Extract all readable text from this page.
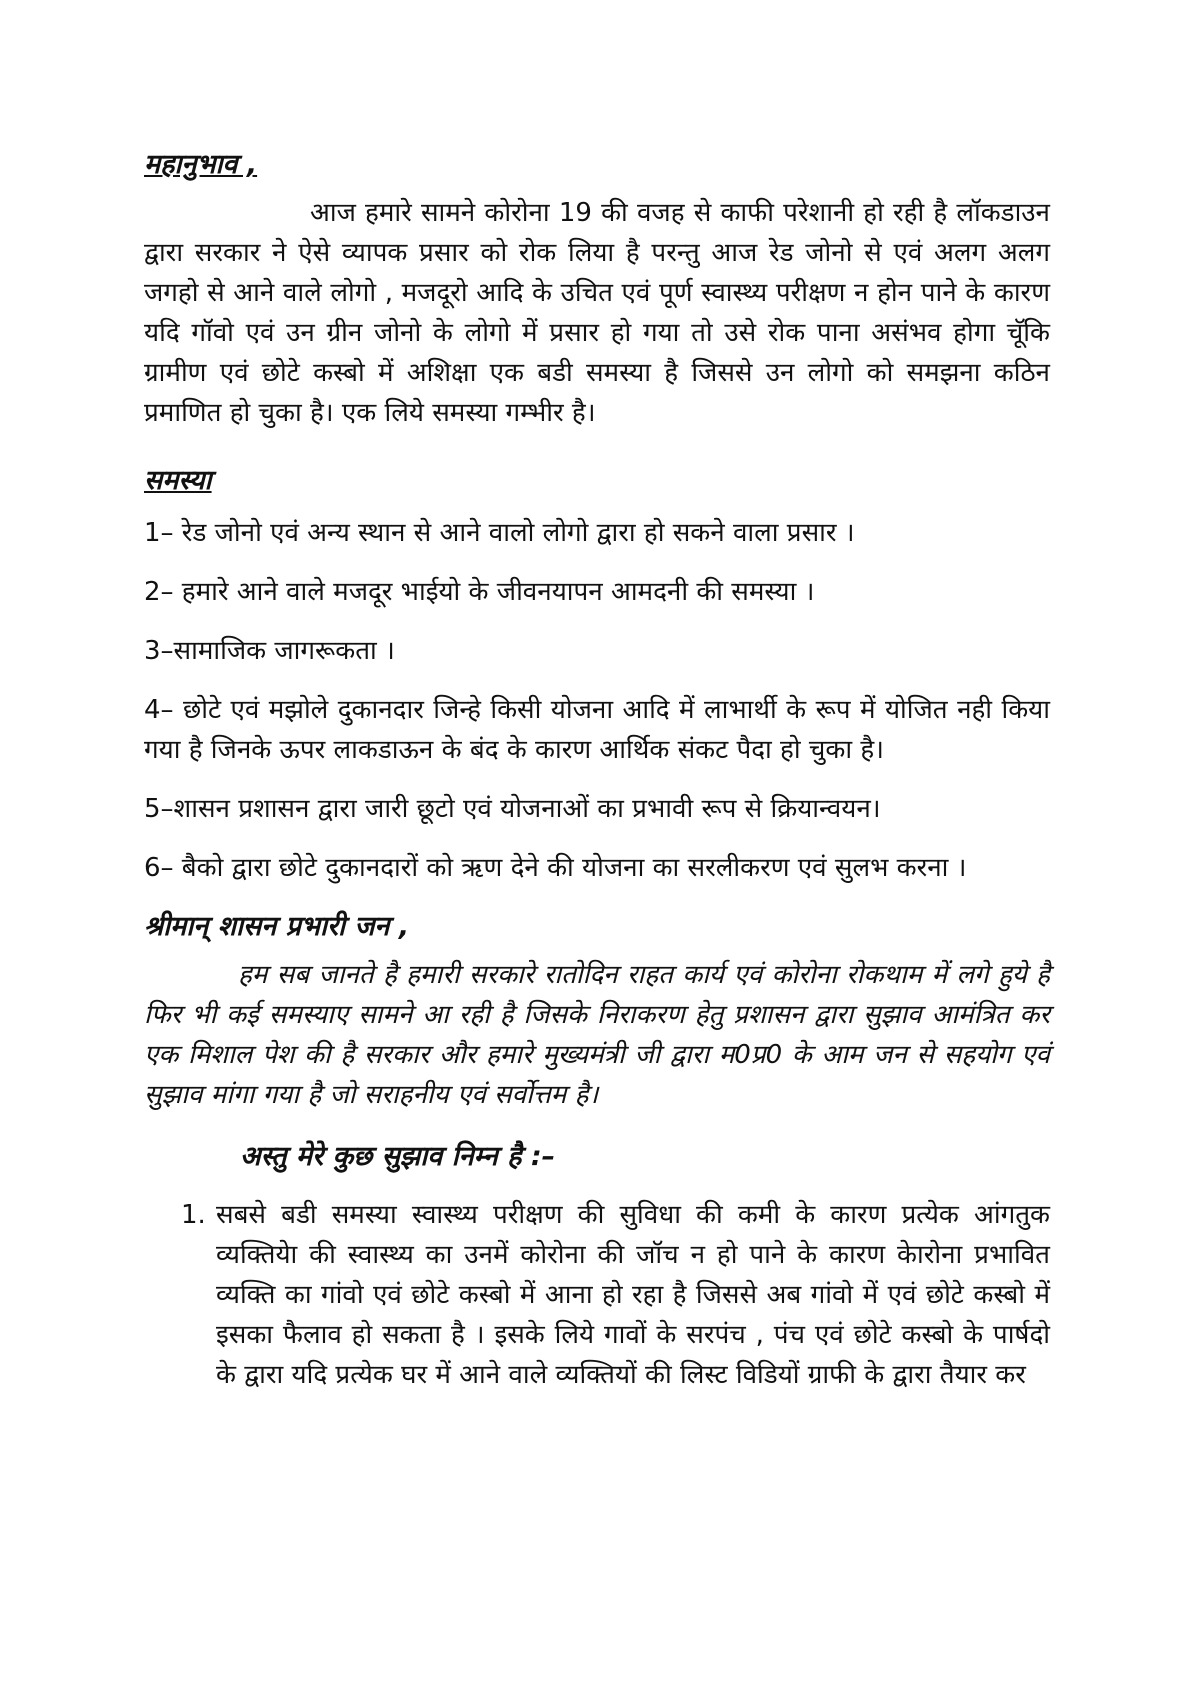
महानुभाव ,

आज हमारे सामने कोरोना 19 की वजह से काफी परेशानी हो रही है लॉकडाउन द्वारा सरकार ने ऐसे व्यापक प्रसार को रोक लिया है परन्तु आज रेड जोनो से एवं अलग अलग जगहो से आने वाले लोगो , मजदूरो आदि के उचित एवं पूर्ण स्वास्थ्य परीक्षण न होन पाने के कारण यदि गॉवो एवं उन ग्रीन जोनो के लोगो में प्रसार हो गया तो उसे रोक पाना असंभव होगा चूॅकि ग्रामीण एवं छोटे कस्बो में अशिक्षा एक बडी समस्या है जिससे उन लोगो को समझना कठिन प्रमाणित हो चुका है। एक लिये समस्या गम्भीर है।

समस्या

1– रेड जोनो एवं अन्य स्थान से आने वालो लोगो द्वारा हो सकने वाला प्रसार ।
2– हमारे आने वाले मजदूर भाईयो के जीवनयापन आमदनी की समस्या ।
3–सामाजिक जागरूकता ।
4– छोटे एवं मझोले दुकानदार जिन्हे किसी योजना आदि में लाभार्थी के रूप में योजित नही किया गया है जिनके ऊपर लाकडाऊन के बंद के कारण आर्थिक संकट पैदा हो चुका है।
5–शासन प्रशासन द्वारा जारी छूटो एवं योजनाओं का प्रभावी रूप से क्रियान्वयन।
6– बैको द्वारा छोटे दुकानदारों को ऋण देने की योजना का सरलीकरण एवं सुलभ करना ।

श्रीमान् शासन प्रभारी जन ,

हम सब जानते है हमारी सरकारे रातोदिन राहत कार्य एवं कोरोना रोकथाम में लगे हुये है फिर भी कई समस्याए सामने आ रही है जिसके निराकरण हेतु प्रशासन द्वारा सुझाव आमंत्रित कर एक मिशाल पेश की है सरकार और हमारे मुख्यमंत्री जी द्वारा म0प्र0 के आम जन से सहयोग एवं सुझाव मांगा गया है जो सराहनीय एवं सर्वोत्तम है।

अस्तु मेरे कुछ सुझाव निम्न है :–

1. सबसे बडी समस्या स्वास्थ्य परीक्षण की सुविधा की कमी के कारण प्रत्येक आंगतुक व्यक्तियेा की स्वास्थ्य का उनमें कोरोना की जॉच न हो पाने के कारण केारोना प्रभावित व्यक्ति का गांवो एवं छोटे कस्बो में आना हो रहा है जिससे अब गांवो में एवं छोटे कस्बो में इसका फैलाव हो सकता है । इसके लिये गावों के सरपंच , पंच एवं छोटे कस्बो के पार्षदो के द्वारा यदि प्रत्येक घर में आने वाले व्यक्तियों की लिस्ट विडियों ग्राफी के द्वारा तैयार कर
